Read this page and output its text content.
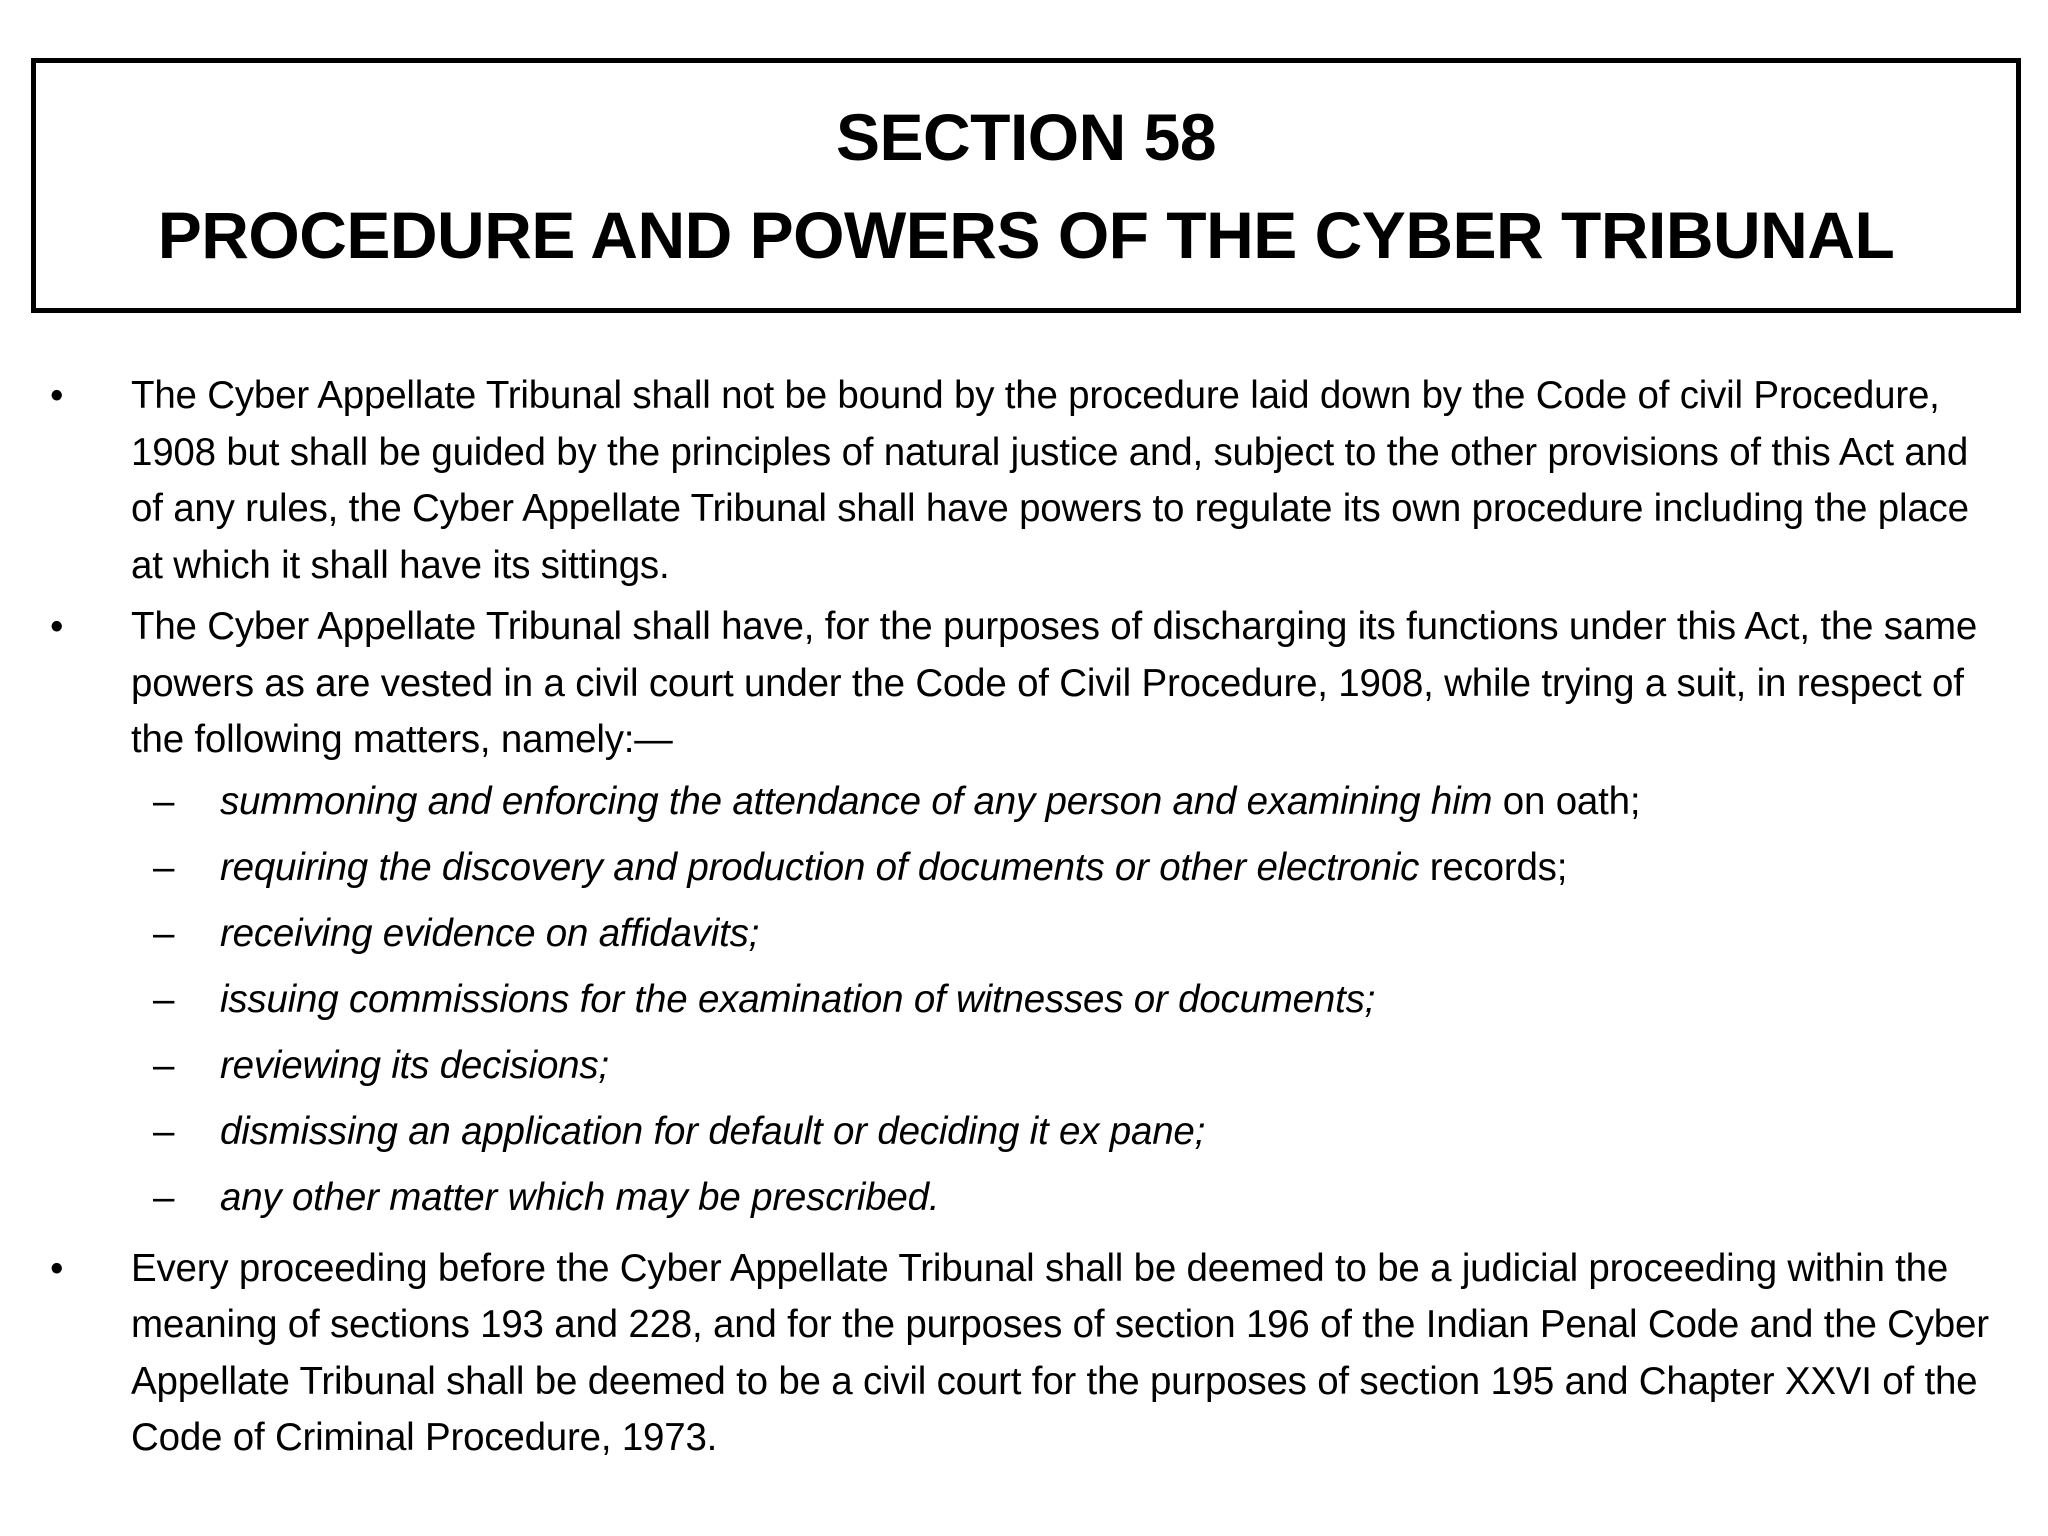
SECTION 58
PROCEDURE AND POWERS OF THE CYBER TRIBUNAL
• The Cyber Appellate Tribunal shall not be bound by the procedure laid down by the Code of civil Procedure, 1908 but shall be guided by the principles of natural justice and, subject to the other provisions of this Act and of any rules, the Cyber Appellate Tribunal shall have powers to regulate its own procedure including the place at which it shall have its sittings.
• The Cyber Appellate Tribunal shall have, for the purposes of discharging its functions under this Act, the same powers as are vested in a civil court under the Code of Civil Procedure, 1908, while trying a suit, in respect of the following matters, namely:—
– summoning and enforcing the attendance of any person and examining him on oath;
– requiring the discovery and production of documents or other electronic records;
– receiving evidence on affidavits;
– issuing commissions for the examination of witnesses or documents;
– reviewing its decisions;
– dismissing an application for default or deciding it ex pane;
– any other matter which may be prescribed.
• Every proceeding before the Cyber Appellate Tribunal shall be deemed to be a judicial proceeding within the meaning of sections 193 and 228, and for the purposes of section 196 of the Indian Penal Code and the Cyber Appellate Tribunal shall be deemed to be a civil court for the purposes of section 195 and Chapter XXVI of the Code of Criminal Procedure, 1973.
